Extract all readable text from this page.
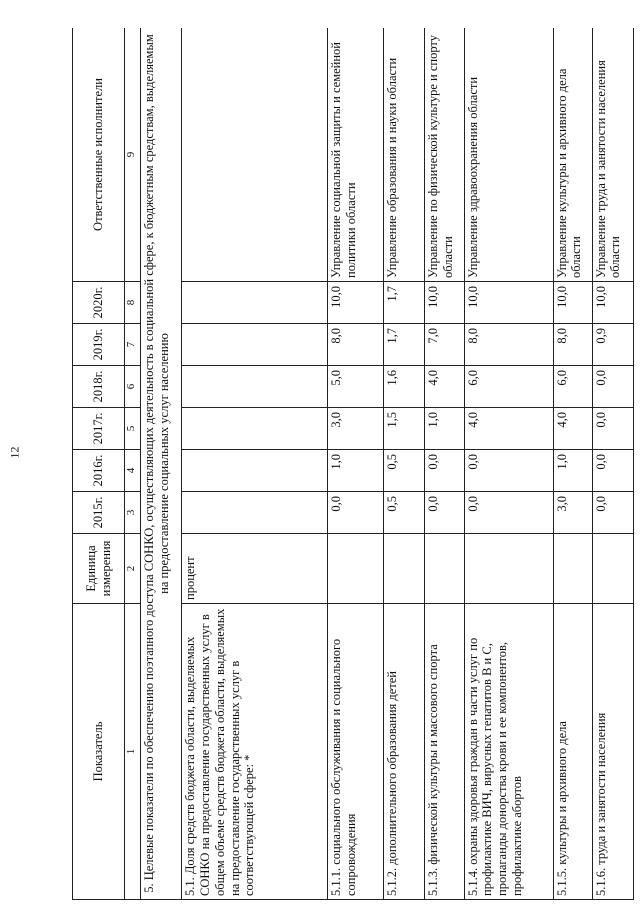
12
Показатель	Единица измерения	2015г.	2016г.	2017г.	2018г.	2019г.	2020г.	Ответственные исполнители
1	2	3	4	5	6	7	8	9
5. Целевые показатели по обеспечению поэтапного доступа СОНКО, осуществляющих деятельность в социальной сфере, к бюджетным средствам, выделяемым на предоставление социальных услуг населению								
5.1. Доля средств бюджета области, выделяемых СОНКО на предоставление государственных услуг в общем объеме средств бюджета области, выделяемых на предоставление государственных услуг в соответствующей сфере: *	процент							
5.1.1. социального обслуживания и социального сопровождения		0,0	1,0	3,0	5,0	8,0	10,0	Управление социальной защиты и семейной политики области
5.1.2. дополнительного образования детей		0,5	0,5	1,5	1,6	1,7	1,7	Управление образования и науки области
5.1.3. физической культуры и массового спорта		0,0	0,0	1,0	4,0	7,0	10,0	Управление по физической культуре и спорту области
5.1.4. охраны здоровья граждан в части услуг по профилактике ВИЧ, вирусных гепатитов В и С, пропаганды донорства крови и ее компонентов, профилактике абортов		0,0	0,0	4,0	6,0	8,0	10,0	Управление здравоохранения области
5.1.5. культуры и архивного дела		3,0	1,0	4,0	6,0	8,0	10,0	Управление культуры и архивного дела области
5.1.6. труда и занятости населения		0,0	0,0	0,0	0,0	0,9	10,0	Управление труда и занятости населения области
